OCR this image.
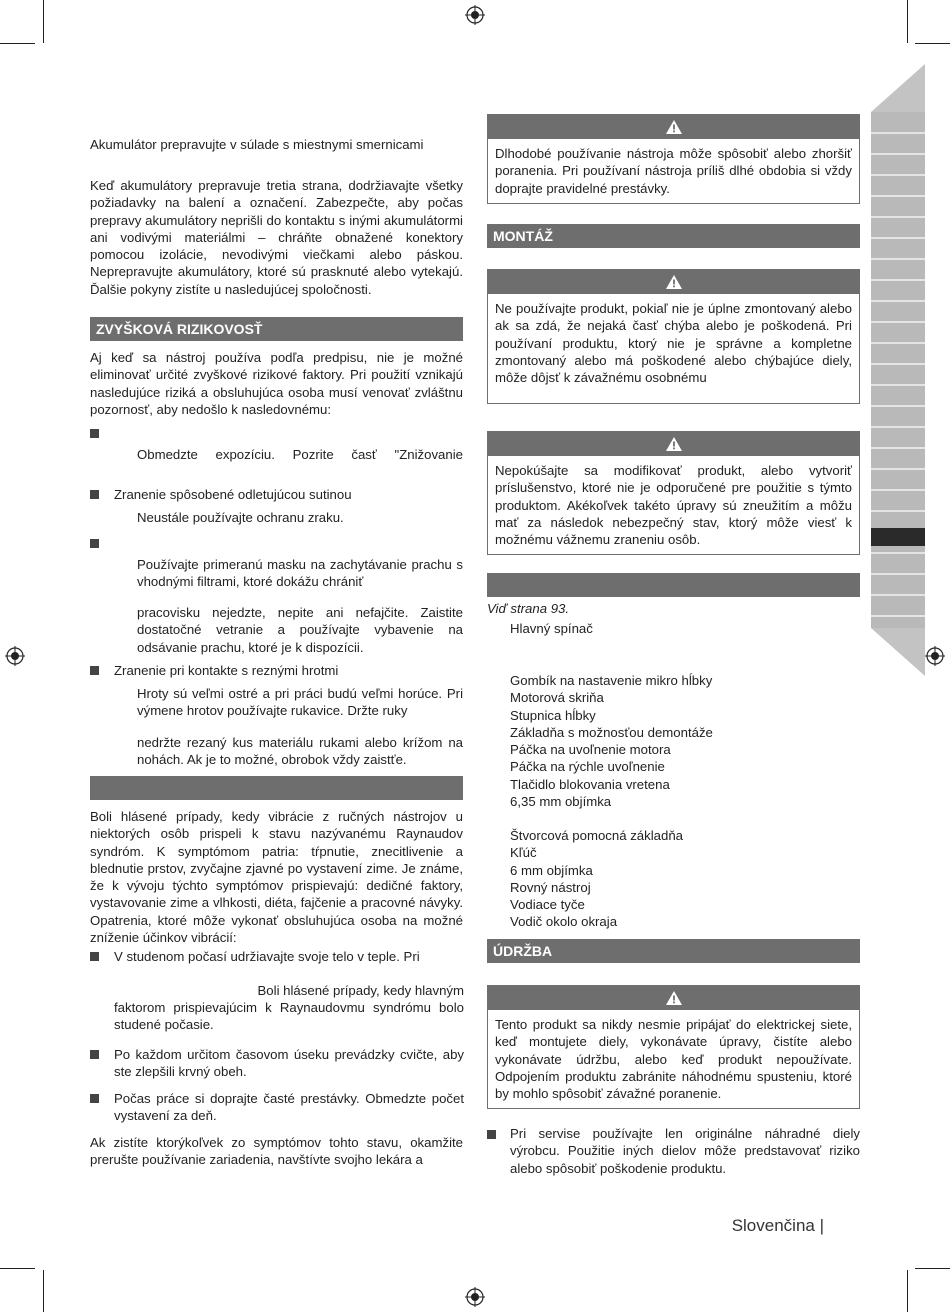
Akumulátor prepravujte v súlade s miestnymi smernicami
Keď akumulátory prepravuje tretia strana, dodržiavajte všetky požiadavky na balení a označení. Zabezpečte, aby počas prepravy akumulátory neprišli do kontaktu s inými akumulátormi ani vodivými materiálmi – chráňte obnažené konektory pomocou izolácie, nevodivými viečkami alebo páskou. Neprepravujte akumulátory, ktoré sú prasknuté alebo vytekajú. Ďalšie pokyny zistíte u nasledujúcej spoločnosti.
ZVYŠKOVÁ RIZIKOVOSŤ
Aj keď sa nástroj používa podľa predpisu, nie je možné eliminovať určité zvyškové rizikové faktory. Pri použití vznikajú nasledujúce riziká a obsluhujúca osoba musí venovať zvláštnu pozornosť, aby nedošlo k nasledovnému:
Obmedzte expozíciu. Pozrite časť "Znižovanie
Zranenie spôsobené odletujúcou sutinou
Neustále používajte ochranu zraku.
Používajte primeranú masku na zachytávanie prachu s vhodnými filtrami, ktoré dokážu chrániť
pracovisku nejedzte, nepite ani nefajčite. Zaistite dostatočné vetranie a používajte vybavenie na odsávanie prachu, ktoré je k dispozícii.
Zranenie pri kontakte s reznými hrotmi
Hroty sú veľmi ostré a pri práci budú veľmi horúce. Pri výmene hrotov používajte rukavice. Držte ruky
nedržte rezaný kus materiálu rukami alebo krížom na nohách. Ak je to možné, obrobok vždy zaistťe.
Boli hlásené prípady, kedy vibrácie z ručných nástrojov u niektorých osôb prispeli k stavu nazývanému Raynaudov syndróm. K symptómom patria: tŕpnutie, znecitlivenie a blednutie prstov, zvyčajne zjavné po vystavení zime. Je známe, že k vývoju týchto symptómov prispievajú: dedičné faktory, vystavovanie zime a vlhkosti, diéta, fajčenie a pracovné návyky. Opatrenia, ktoré môže vykonať obsluhujúca osoba na možné zníženie účinkov vibrácií:
V studenom počasí udržiavajte svoje telo v teple. Pri
Boli hlásené prípady, kedy hlavným
faktorom prispievajúcim k Raynaudovmu syndrómu bolo studené počasie.
Po každom určitom časovom úseku prevádzky cvičte, aby ste zlepšili krvný obeh.
Počas práce si doprajte časté prestávky. Obmedzte počet vystavení za deň.
Ak zistíte ktorýkoľvek zo symptómov tohto stavu, okamžite prerušte používanie zariadenia, navštívte svojho lekára a
Dlhodobé používanie nástroja môže spôsobiť alebo zhoršiť poranenia. Pri používaní nástroja príliš dlhé obdobia si vždy doprajte pravidelné prestávky.
MONTÁŽ
Ne používajte produkt, pokiaľ nie je úplne zmontovaný alebo ak sa zdá, že nejaká časť chýba alebo je poškodená. Pri používaní produktu, ktorý nie je správne a kompletne zmontovaný alebo má poškodené alebo chýbajúce diely, môže dôjsť k závažnému osobnému
Nepokúšajte sa modifikovať produkt, alebo vytvoriť príslušenstvo, ktoré nie je odporučené pre použitie s týmto produktom. Akékoľvek takéto úpravy sú zneužitím a môžu mať za následok nebezpečný stav, ktorý môže viesť k možnému vážnemu zraneniu osôb.
Viď strana 93.
Hlavný spínač
Gombík na nastavenie mikro hĺbky
Motorová skriňa
Stupnica hĺbky
Základňa s možnosťou demontáže
Páčka na uvoľnenie motora
Páčka na rýchle uvoľnenie
Tlačidlo blokovania vretena
6,35 mm objímka
Štvorcová pomocná základňa
Kľúč
6 mm objímka
Rovný nástroj
Vodiace tyče
Vodič okolo okraja
ÚDRŽBA
Tento produkt sa nikdy nesmie pripájať do elektrickej siete, keď montujete diely, vykonávate úpravy, čistíte alebo vykonávate údržbu, alebo keď produkt nepoužívate. Odpojením produktu zabránite náhodnému spusteniu, ktoré by mohlo spôsobiť závažné poranenie.
Pri servise používajte len originálne náhradné diely výrobcu. Použitie iných dielov môže predstavovať riziko alebo spôsobiť poškodenie produktu.
Slovenčina |
